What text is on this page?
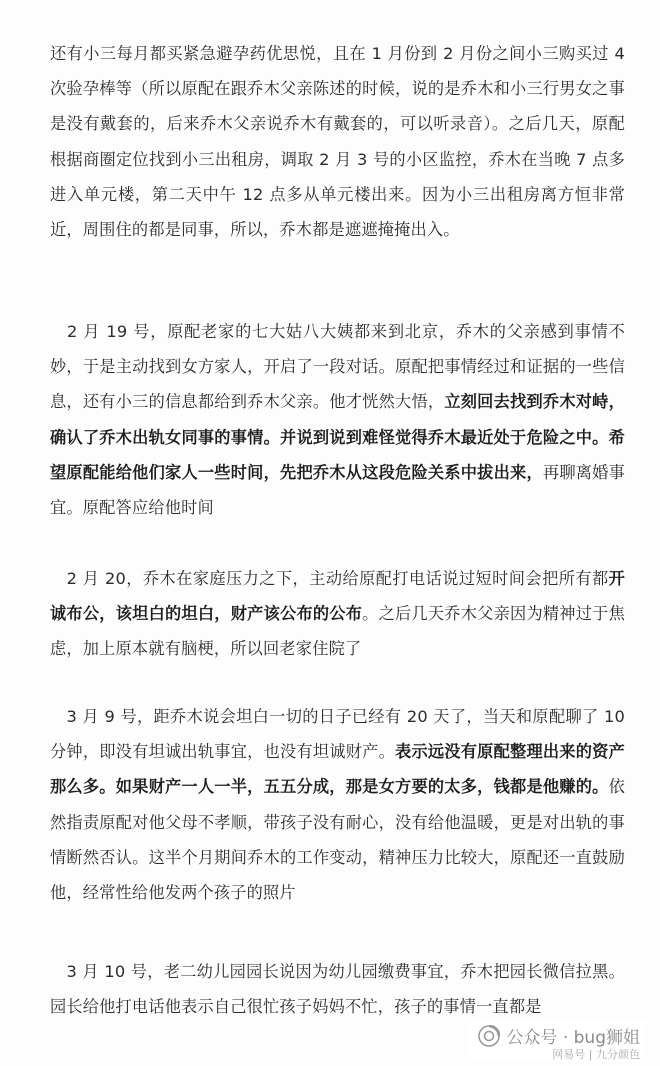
还有小三每月都买紧急避孕药优思悦，且在 1 月份到 2 月份之间小三购买过 4 次验孕棒等（所以原配在跟乔木父亲陈述的时候，说的是乔木和小三行男女之事是没有戴套的，后来乔木父亲说乔木有戴套的，可以听录音）。之后几天，原配根据商圈定位找到小三出租房，调取 2 月 3 号的小区监控，乔木在当晚 7 点多进入单元楼，第二天中午 12 点多从单元楼出来。因为小三出租房离方恒非常近，周围住的都是同事，所以，乔木都是遮遮掩掩出入。
　2 月 19 号，原配老家的七大姑八大姨都来到北京，乔木的父亲感到事情不妙，于是主动找到女方家人，开启了一段对话。原配把事情经过和证据的一些信息，还有小三的信息都给到乔木父亲。他才恍然大悟，立刻回去找到乔木对峙，确认了乔木出轨女同事的事情。并说到说到难怪觉得乔木最近处于危险之中。希望原配能给他们家人一些时间，先把乔木从这段危险关系中拔出来，再聊离婚事宜。原配答应给他时间
　2 月 20，乔木在家庭压力之下，主动给原配打电话说过短时间会把所有都开诚布公，该坦白的坦白，财产该公布的公布。之后几天乔木父亲因为精神过于焦虑，加上原本就有脑梗，所以回老家住院了
　3 月 9 号，距乔木说会坦白一切的日子已经有 20 天了，当天和原配聊了 10 分钟，即没有坦诚出轨事宜，也没有坦诚财产。表示远没有原配整理出来的资产那么多。如果财产一人一半，五五分成，那是女方要的太多，钱都是他赚的。依然指责原配对他父母不孝顺，带孩子没有耐心，没有给他温暖，更是对出轨的事情断然否认。这半个月期间乔木的工作变动，精神压力比较大，原配还一直鼓励他，经常性给他发两个孩子的照片
　3 月 10 号，老二幼儿园园长说因为幼儿园缴费事宜，乔木把园长微信拉黑。园长给他打电话他表示自己很忙孩子妈妈不忙，孩子的事情一直都是
公众号 · bug狮姐
网易号 | 九分颜色
